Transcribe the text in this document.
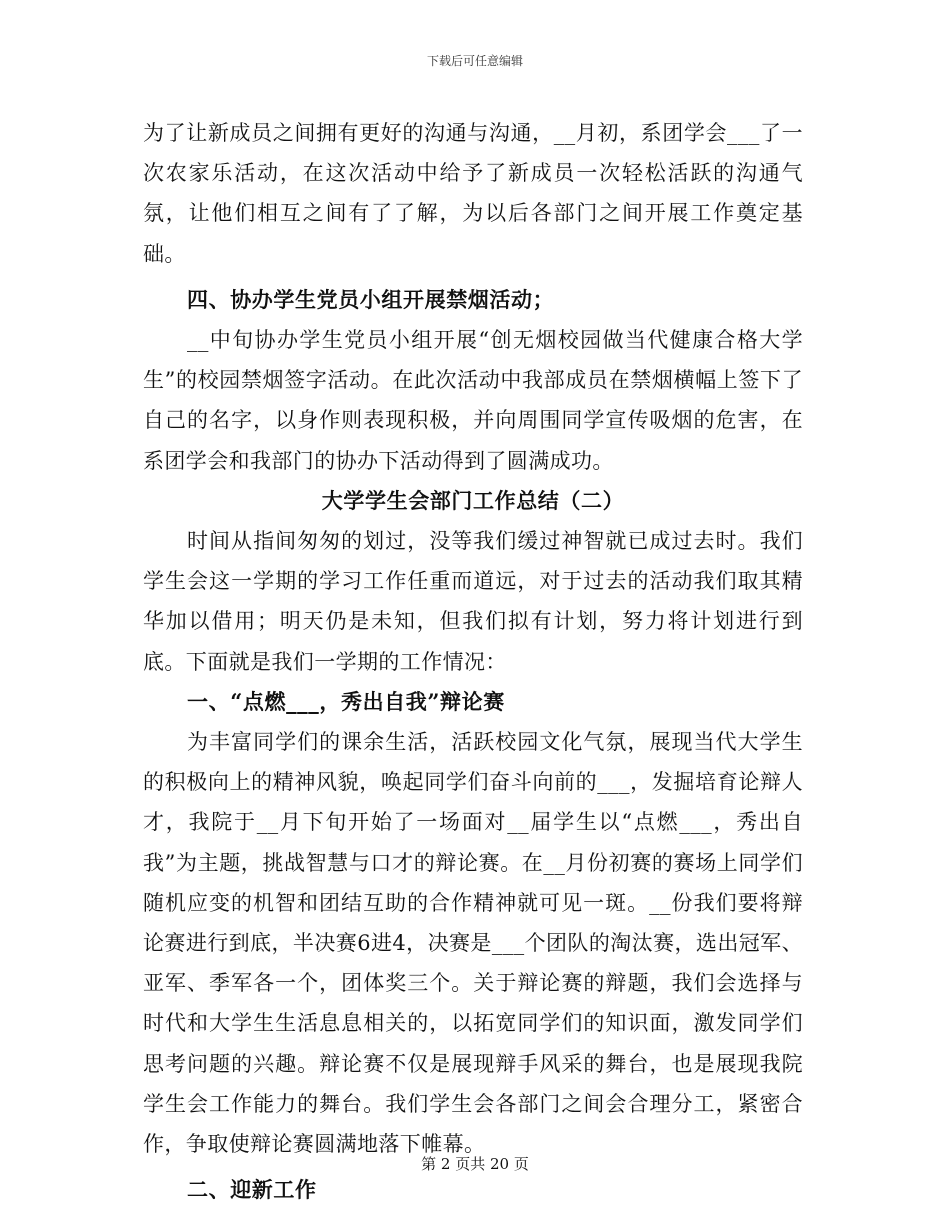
下载后可任意编辑

为了让新成员之间拥有更好的沟通与沟通，__月初，系团学会___了一次农家乐活动，在这次活动中给予了新成员一次轻松活跃的沟通气氛，让他们相互之间有了了解，为以后各部门之间开展工作奠定基础。

四、协办学生党员小组开展禁烟活动；

__中旬协办学生党员小组开展“创无烟校园做当代健康合格大学生”的校园禁烟签字活动。在此次活动中我部成员在禁烟横幅上签下了自己的名字，以身作则表现积极，并向周围同学宣传吸烟的危害，在系团学会和我部门的协办下活动得到了圆满成功。

大学学生会部门工作总结（二）

时间从指间匆匆的划过，没等我们缓过神智就已成过去时。我们学生会这一学期的学习工作任重而道远，对于过去的活动我们取其精华加以借用；明天仍是未知，但我们拟有计划，努力将计划进行到底。下面就是我们一学期的工作情况：

一、“点燃___，秀出自我”辩论赛

为丰富同学们的课余生活，活跃校园文化气氛，展现当代大学生的积极向上的精神风貌，唤起同学们奋斗向前的___，发掘培育论辩人才，我院于__月下旬开始了一场面对__届学生以“点燃___，秀出自我”为主题，挑战智慧与口才的辩论赛。在__月份初赛的赛场上同学们随机应变的机智和团结互助的合作精神就可见一斑。__份我们要将辩论赛进行到底，半决赛6进4，决赛是___个团队的淘汰赛，选出冠军、亚军、季军各一个，团体奖三个。关于辩论赛的辩题，我们会选择与时代和大学生生活息息相关的，以拓宽同学们的知识面，激发同学们思考问题的兴趣。辩论赛不仅是展现辩手风采的舞台，也是展现我院学生会工作能力的舞台。我们学生会各部门之间会合理分工，紧密合作，争取使辩论赛圆满地落下帷幕。

二、迎新工作

第 2 页共 20 页
